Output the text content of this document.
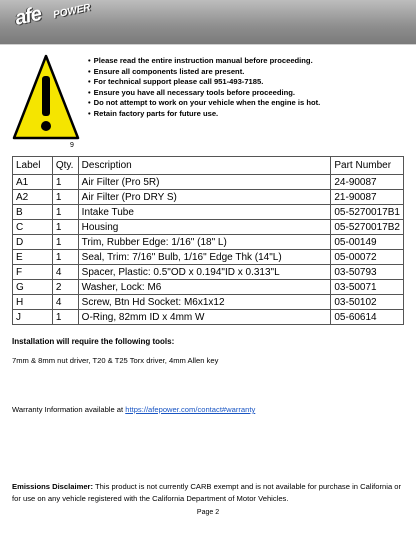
afe POWER
9
• Please read the entire instruction manual before proceeding.
• Ensure all components listed are present.
• For technical support please call 951-493-7185.
• Ensure you have all necessary tools before proceeding.
• Do not attempt to work on your vehicle when the engine is hot.
• Retain factory parts for future use.
Label	Qty.	Description	Part Number
A1	1	Air Filter (Pro 5R)	24-90087
A2	1	Air Filter (Pro DRY S)	21-90087
B	1	Intake Tube	05-5270017B1
C	1	Housing	05-5270017B2
D	1	Trim, Rubber Edge: 1/16" (18" L)	05-00149
E	1	Seal, Trim: 7/16" Bulb, 1/16" Edge Thk (14"L)	05-00072
F	4	Spacer, Plastic: 0.5"OD x 0.194"ID x 0.313"L	03-50793
G	2	Washer, Lock: M6	03-50071
H	4	Screw, Btn Hd Socket: M6x1x12	03-50102
J	1	O-Ring, 82mm ID x 4mm W	05-60614
Installation will require the following tools:
7mm & 8mm nut driver, T20 & T25 Torx driver, 4mm Allen key
Warranty Information available at https://afepower.com/contact#warranty
Emissions Disclaimer: This product is not currently CARB exempt and is not available for purchase in California or for use on any vehicle registered with the California Department of Motor Vehicles.
Page 2
